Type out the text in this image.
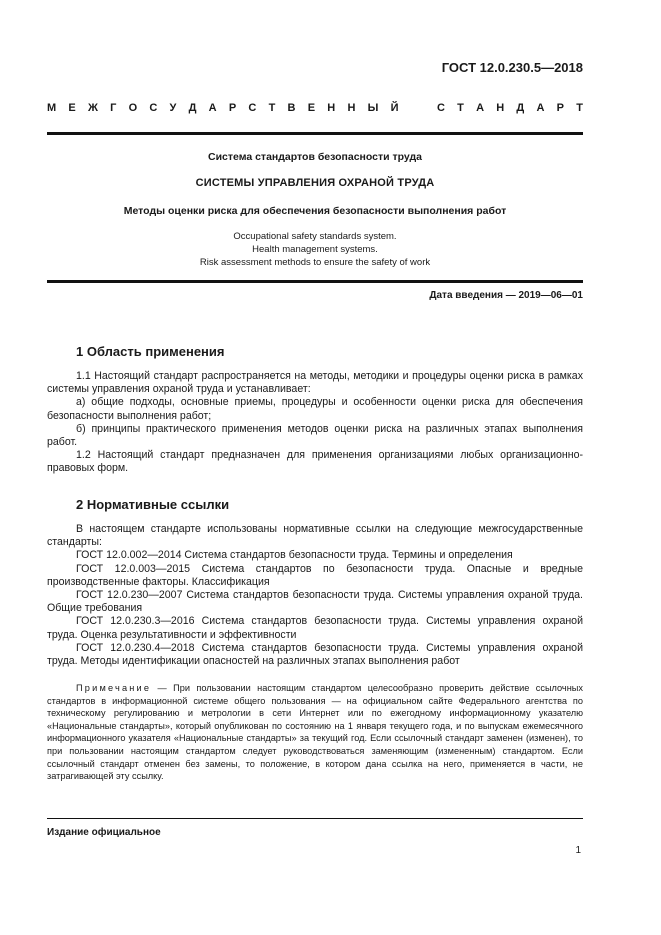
ГОСТ 12.0.230.5—2018
М Е Ж Г О С У Д А Р С Т В Е Н Н Ы Й	С Т А Н Д А Р Т
Система стандартов безопасности труда
СИСТЕМЫ УПРАВЛЕНИЯ ОХРАНОЙ ТРУДА
Методы оценки риска для обеспечения безопасности выполнения работ
Occupational safety standards system.
Health management systems.
Risk assessment methods to ensure the safety of work
Дата введения — 2019—06—01
1 Область применения

1.1 Настоящий стандарт распространяется на методы, методики и процедуры оценки риска в рамках системы управления охраной труда и устанавливает:

а) общие подходы, основные приемы, процедуры и особенности оценки риска для обеспечения безопасности выполнения работ;

б) принципы практического применения методов оценки риска на различных этапах выполнения работ.

1.2 Настоящий стандарт предназначен для применения организациями любых организационно-правовых форм.

2 Нормативные ссылки

В настоящем стандарте использованы нормативные ссылки на следующие межгосударственные стандарты:

ГОСТ 12.0.002—2014 Система стандартов безопасности труда. Термины и определения

ГОСТ 12.0.003—2015 Система стандартов по безопасности труда. Опасные и вредные производственные факторы. Классификация

ГОСТ 12.0.230—2007 Система стандартов безопасности труда. Системы управления охраной труда. Общие требования

ГОСТ 12.0.230.3—2016 Система стандартов безопасности труда. Системы управления охраной труда. Оценка результативности и эффективности

ГОСТ 12.0.230.4—2018 Система стандартов безопасности труда. Системы управления охраной труда. Методы идентификации опасностей на различных этапах выполнения работ

Примечание — При пользовании настоящим стандартом целесообразно проверить действие ссылочных стандартов в информационной системе общего пользования — на официальном сайте Федерального агентства по техническому регулированию и метрологии в сети Интернет или по ежегодному информационному указателю «Национальные стандарты», который опубликован по состоянию на 1 января текущего года, и по выпускам ежемесячного информационного указателя «Национальные стандарты» за текущий год. Если ссылочный стандарт заменен (изменен), то при пользовании настоящим стандартом следует руководствоваться заменяющим (измененным) стандартом. Если ссылочный стандарт отменен без замены, то положение, в котором дана ссылка на него, применяется в части, не затрагивающей эту ссылку.
Издание официальное
1
